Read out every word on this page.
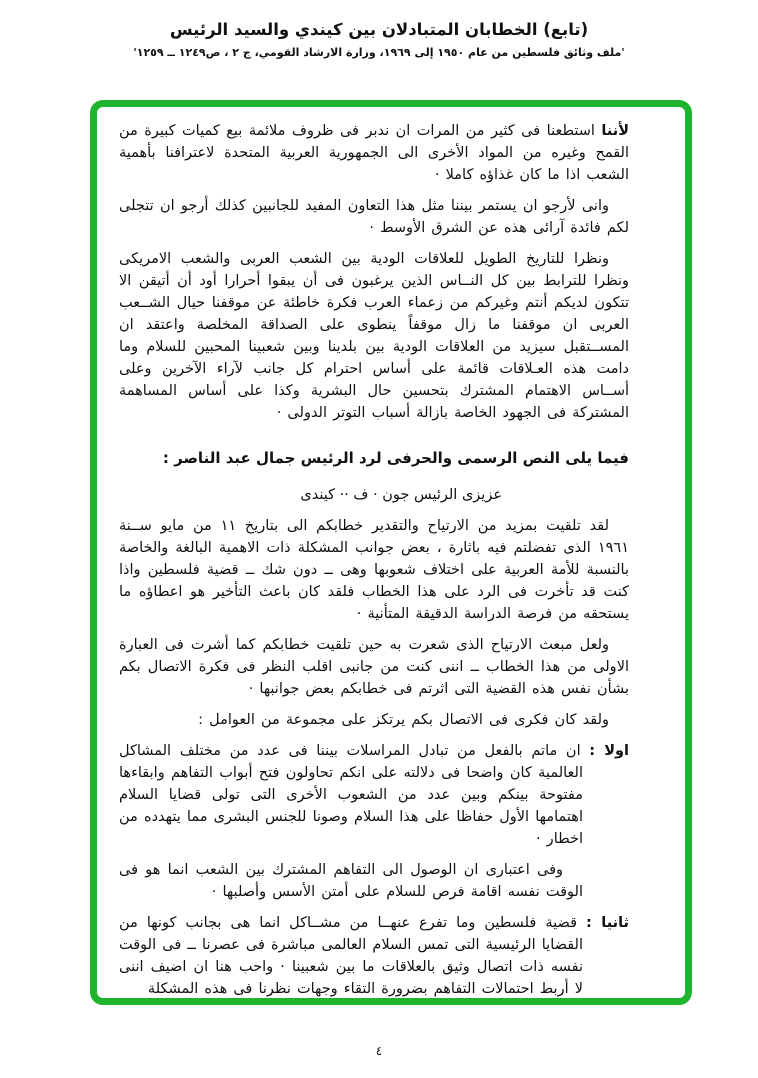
(تابع) الخطابان المتبادلان بين كيندي والسيد الرئيس
'ملف وثائق فلسطين من عام ١٩٥٠ إلى ١٩٦٩، وزارة الارشاد القومي، ج ٢ ، ص١٢٤٩ ــ ١٢٥٩'

لأننا استطعنا فى كثير من المرات ان ندبر فى ظروف ملائمة بيع كميات كبيرة من القمح وغيره من المواد الأخرى الى الجمهورية العربية المتحدة لاعترافنا بأهمية الشعب اذا ما كان غذاؤه كاملا ·

وانى لأرجو ان يستمر بيننا مثل هذا التعاون المفيد للجانبين كذلك أرجو ان تتجلى لكم فائدة آرائى هذه عن الشرق الأوسط ·

ونظرا للتاريخ الطويل للعلاقات الودية بين الشعب العربى والشعب الامريكى ونظرا للترابط بين كل النــاس الذين يرغبون فى أن يبقوا أحرارا أود أن أتيقن الا تتكون لديكم أنتم وغيركم من زعماء العرب فكرة خاطئة عن موقفنا حيال الشــعب العربى ان موقفنا ما زال موقفاً ينطوى على الصداقة المخلصة واعتقد ان المســتقبل سيزيد من العلاقات الودية بين بلدينا وبين شعبينا المحبين للسلام وما دامت هذه العـلاقات قائمة على أساس احترام كل جانب لآراء الآخرين وعلى أســاس الاهتمام المشترك بتحسين حال البشرية وكذا على أساس المساهمة المشتركة فى الجهود الخاصة بازالة أسباب التوتر الدولى ·

فيما يلى النص الرسمى والحرفى لرد الرئيس جمال عبد الناصر :

عزيزى الرئيس جون · ف ·· كيندى

لقد تلقيت بمزيد من الارتياح والتقدير خطابكم الى بتاريخ ١١ من مايو ســنة ١٩٦١ الذى تفضلتم فيه باثارة ، بعض جوانب المشكلة ذات الاهمية البالغة والخاصة بالنسبة للأمة العربية على اختلاف شعوبها وهى ــ دون شك ــ قضية فلسطين واذا كنت قد تأخرت فى الرد على هذا الخطاب فلقد كان باعث التأخير هو اعطاؤه ما يستحقه من فرصة الدراسة الدقيقة المتأنية ·

ولعل مبعث الارتياح الذى شعرت به حين تلقيت خطابكم كما أشرت فى العبارة الاولى من هذا الخطاب ــ اننى كنت من جانبى اقلب النظر فى فكرة الاتصال بكم بشأن نفس هذه القضية التى اثرتم فى خطابكم بعض جوانبها ·

ولقد كان فكرى فى الاتصال بكم يرتكز على مجموعة من العوامل :

اولا : ان ماتم بالفعل من تبادل المراسلات بيننا فى عدد من مختلف المشاكل العالمية كان واضحا فى دلالته على انكم تحاولون فتح أبواب التفاهم وابقاءها مفتوحة بينكم وبين عدد من الشعوب الأخرى التى تولى قضايا السلام اهتمامها الأول حفاظا على هذا السلام وصونا للجنس البشرى مما يتهدده من اخطار ·

وفى اعتبارى ان الوصول الى التفاهم المشترك بين الشعب انما هو فى الوقت نفسه اقامة فرص للسلام على أمتن الأسس وأصلبها ·

ثانيا : قضية فلسطين وما تفرع عنهــا من مشــاكل انما هى بجانب كونها من القضايا الرئيسية التى تمس السلام العالمى مباشرة فى عصرنا ــ فى الوقت نفسه ذات اتصال وثيق بالعلاقات ما بين شعبينا · واحب هنا ان اضيف اننى لا أربط احتمالات التفاهم بضرورة التقاء وجهات نظرنا فى هذه المشكلة

٤
